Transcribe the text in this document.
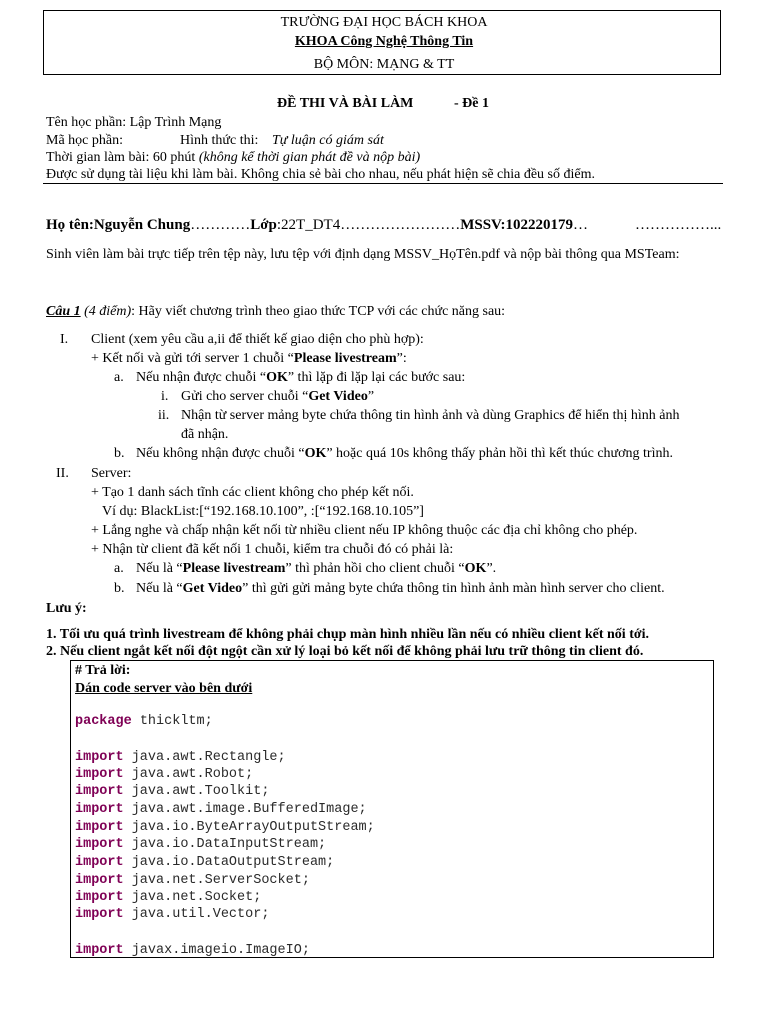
TRƯỜNG ĐẠI HỌC BÁCH KHOA
KHOA Công Nghệ Thông Tin
BỘ MÔN: MẠNG & TT
ĐỀ THI VÀ BÀI LÀM	- Đề 1
Tên học phần: Lập Trình Mạng
Mã học phần:	Hình thức thi: Tự luận có giám sát
Thời gian làm bài: 60 phút (không kể thời gian phát đề và nộp bài)
Được sử dụng tài liệu khi làm bài. Không chia sẻ bài cho nhau, nếu phát hiện sẽ chia đều số điểm.
Họ tên:Nguyễn Chung…………Lớp:22T_DT4……………………MSSV:102220179…	……………...
Sinh viên làm bài trực tiếp trên tệp này, lưu tệp với định dạng MSSV_HọTên.pdf và nộp bài thông qua MSTeam:
Câu 1 (4 điểm): Hãy viết chương trình theo giao thức TCP với các chức năng sau:
I. Client (xem yêu cầu a,ii để thiết kế giao diện cho phù hợp):
+ Kết nối và gửi tới server 1 chuỗi “Please livestream”:
a. Nếu nhận được chuỗi “OK” thì lặp đi lặp lại các bước sau:
i. Gửi cho server chuỗi “Get Video”
ii. Nhận từ server mảng byte chứa thông tin hình ảnh và dùng Graphics để hiển thị hình ảnh
đã nhận.
b. Nếu không nhận được chuỗi “OK” hoặc quá 10s không thấy phản hồi thì kết thúc chương trình.
II. Server:
+ Tạo 1 danh sách tĩnh các client không cho phép kết nối.
Ví dụ: BlackList:[“192.168.10.100”, :[“192.168.10.105”]
+ Lắng nghe và chấp nhận kết nối từ nhiều client nếu IP không thuộc các địa chỉ không cho phép.
+ Nhận từ client đã kết nối 1 chuỗi, kiểm tra chuỗi đó có phải là:
a. Nếu là “Please livestream” thì phản hồi cho client chuỗi “OK”.
b. Nếu là “Get Video” thì gửi gửi mảng byte chứa thông tin hình ảnh màn hình server cho client.
Lưu ý:
1. Tối ưu quá trình livestream để không phải chụp màn hình nhiều lần nếu có nhiều client kết nối tới.
2. Nếu client ngắt kết nối đột ngột cần xử lý loại bỏ kết nối để không phải lưu trữ thông tin client đó.
# Trả lời:
Dán code server vào bên dưới
package thickltm;
import java.awt.Rectangle;
import java.awt.Robot;
import java.awt.Toolkit;
import java.awt.image.BufferedImage;
import java.io.ByteArrayOutputStream;
import java.io.DataInputStream;
import java.io.DataOutputStream;
import java.net.ServerSocket;
import java.net.Socket;
import java.util.Vector;
import javax.imageio.ImageIO;
